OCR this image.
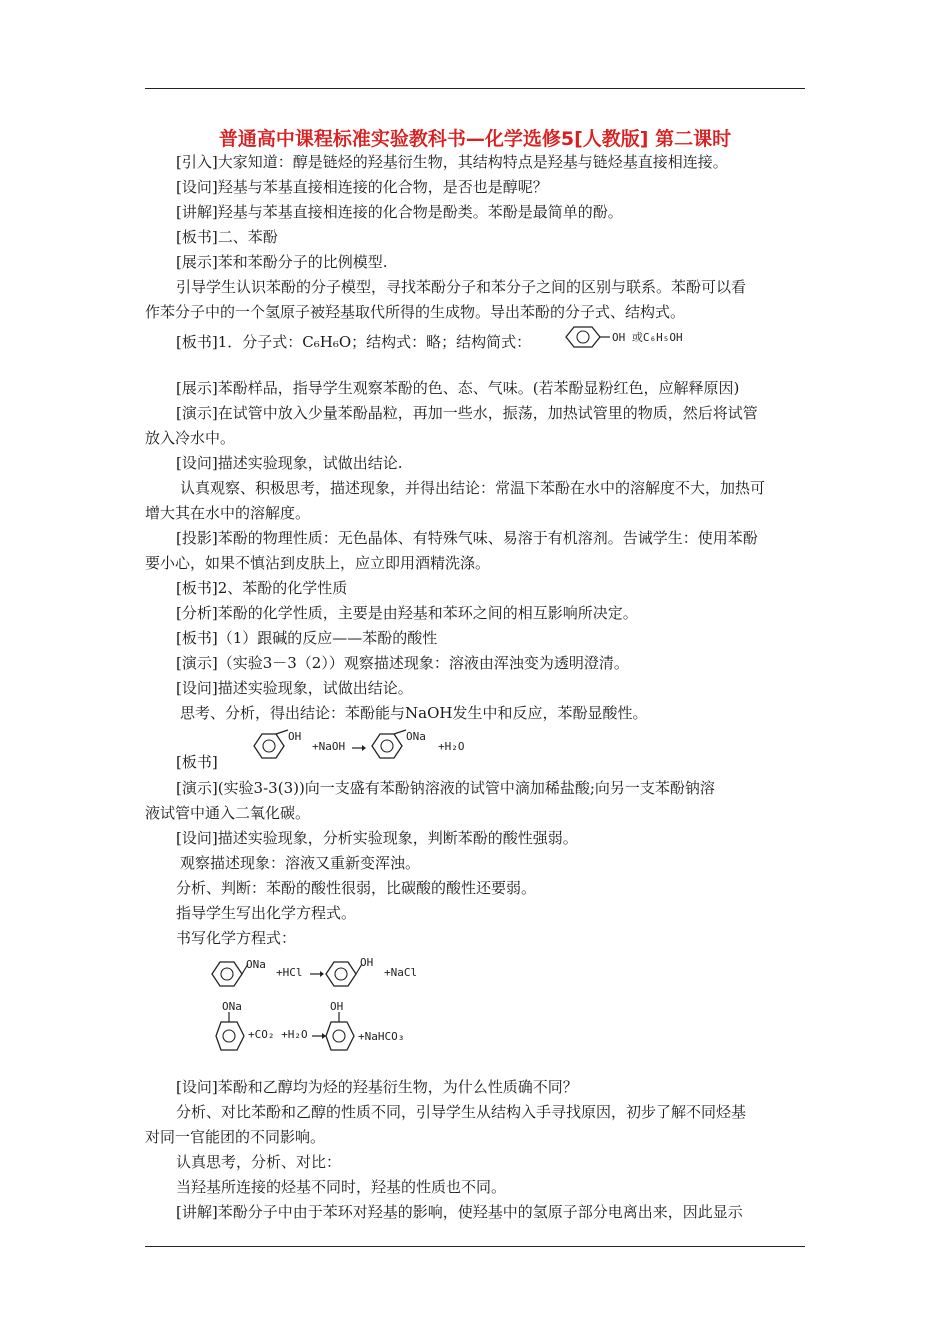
普通高中课程标准实验教科书—化学选修5[人教版] 第二课时
[引入]大家知道：醇是链烃的羟基衍生物，其结构特点是羟基与链烃基直接相连接。
[设问]羟基与苯基直接相连接的化合物，是否也是醇呢？
[讲解]羟基与苯基直接相连接的化合物是酚类。苯酚是最简单的酚。
[板书]二、苯酚
[展示]苯和苯酚分子的比例模型.
引导学生认识苯酚的分子模型，寻找苯酚分子和苯分子之间的区别与联系。苯酚可以看
作苯分子中的一个氢原子被羟基取代所得的生成物。导出苯酚的分子式、结构式。
[板书]1．分子式：C₆H₆O；结构式：略；结构简式：
[展示]苯酚样品，指导学生观察苯酚的色、态、气味。(若苯酚显粉红色，应解释原因)
[演示]在试管中放入少量苯酚晶粒，再加一些水，振荡，加热试管里的物质，然后将试管
放入冷水中。
[设问]描述实验现象，试做出结论.
认真观察、积极思考，描述现象，并得出结论：常温下苯酚在水中的溶解度不大，加热可
增大其在水中的溶解度。
[投影]苯酚的物理性质：无色晶体、有特殊气味、易溶于有机溶剂。告诫学生：使用苯酚
要小心，如果不慎沾到皮肤上，应立即用酒精洗涤。
[板书]2、苯酚的化学性质
[分析]苯酚的化学性质，主要是由羟基和苯环之间的相互影响所决定。
[板书]（1）跟碱的反应——苯酚的酸性
[演示]（实验3－3（2））观察描述现象：溶液由浑浊变为透明澄清。
[设问]描述实验现象，试做出结论。
思考、分析，得出结论：苯酚能与NaOH发生中和反应，苯酚显酸性。
[板书]
[演示](实验3-3(3))向一支盛有苯酚钠溶液的试管中滴加稀盐酸;向另一支苯酚钠溶
液试管中通入二氧化碳。
[设问]描述实验现象，分析实验现象，判断苯酚的酸性强弱。
观察描述现象：溶液又重新变浑浊。
分析、判断：苯酚的酸性很弱，比碳酸的酸性还要弱。
指导学生写出化学方程式。
书写化学方程式：
[设问]苯酚和乙醇均为烃的羟基衍生物，为什么性质确不同？
分析、对比苯酚和乙醇的性质不同，引导学生从结构入手寻找原因，初步了解不同烃基
对同一官能团的不同影响。
认真思考，分析、对比：
当羟基所连接的烃基不同时，羟基的性质也不同。
[讲解]苯酚分子中由于苯环对羟基的影响，使羟基中的氢原子部分电离出来，因此显示
OH 或C₆H₅OH
OH
+NaOH →
ONa
+H₂O
ONa
+HCl →
OH
+NaCl
ONa
+CO₂ +H₂O →
OH
+NaHCO₃
